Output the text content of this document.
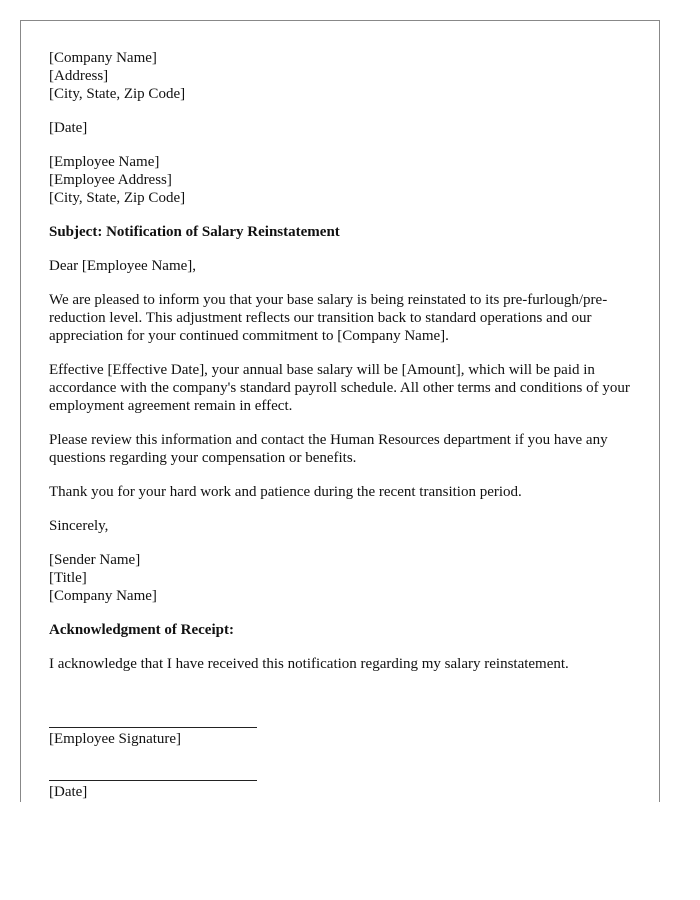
[Company Name]
[Address]
[City, State, Zip Code]
[Date]
[Employee Name]
[Employee Address]
[City, State, Zip Code]

Subject: Notification of Salary Reinstatement

Dear [Employee Name],

We are pleased to inform you that your base salary is being reinstated to its pre-furlough/pre-reduction level. This adjustment reflects our transition back to standard operations and our appreciation for your continued commitment to [Company Name].

Effective [Effective Date], your annual base salary will be [Amount], which will be paid in accordance with the company's standard payroll schedule. All other terms and conditions of your employment agreement remain in effect.

Please review this information and contact the Human Resources department if you have any questions regarding your compensation or benefits.

Thank you for your hard work and patience during the recent transition period.

Sincerely,

[Sender Name]
[Title]
[Company Name]

Acknowledgment of Receipt:

I acknowledge that I have received this notification regarding my salary reinstatement.

[Employee Signature]
[Date]
